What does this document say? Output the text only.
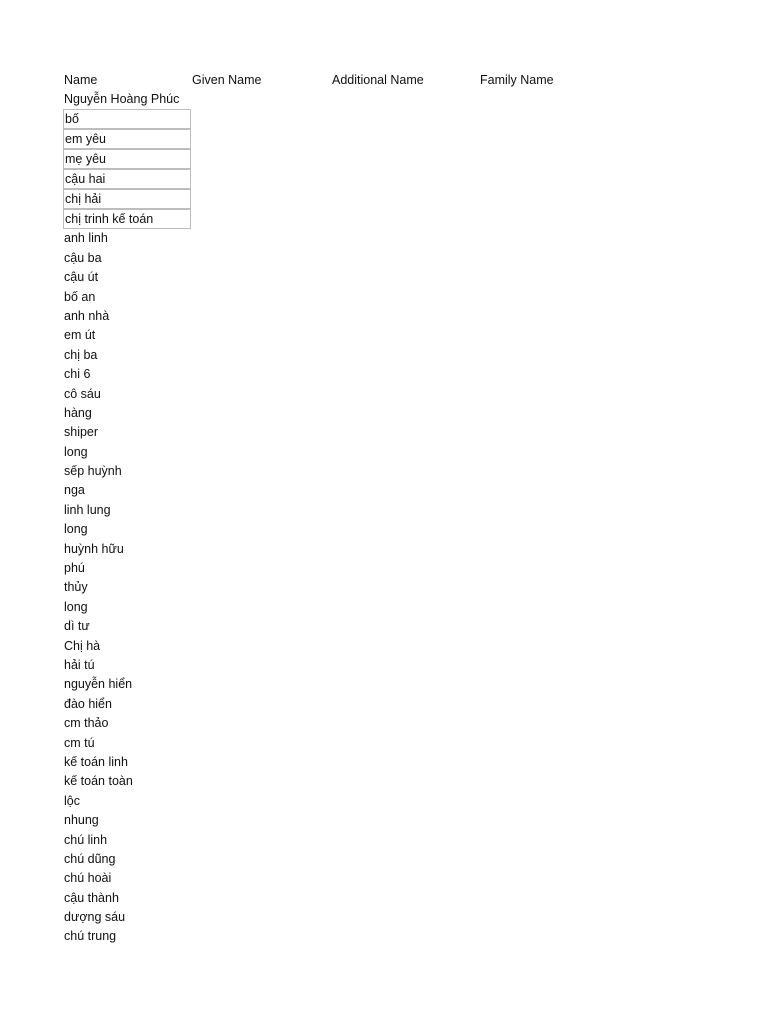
Name	Given Name	Additional Name	Family Name
Nguyễn Hoàng Phúc
bố
em yêu
mẹ yêu
cậu hai
chị hải
chị trinh kế toán
anh linh
cậu ba
cậu út
bố an
anh nhà
em út
chị ba
chi 6
cô sáu
hàng
shiper
long
sếp huỳnh
nga
linh lung
long
huỳnh hữu
phú
thủy
long
dì tư
Chị hà
hải tú
nguyễn hiển
đào hiển
cm thảo
cm tú
kế toán linh
kế toán toàn
lộc
nhung
chú linh
chú dũng
chú hoài
cậu thành
dượng sáu
chú trung
